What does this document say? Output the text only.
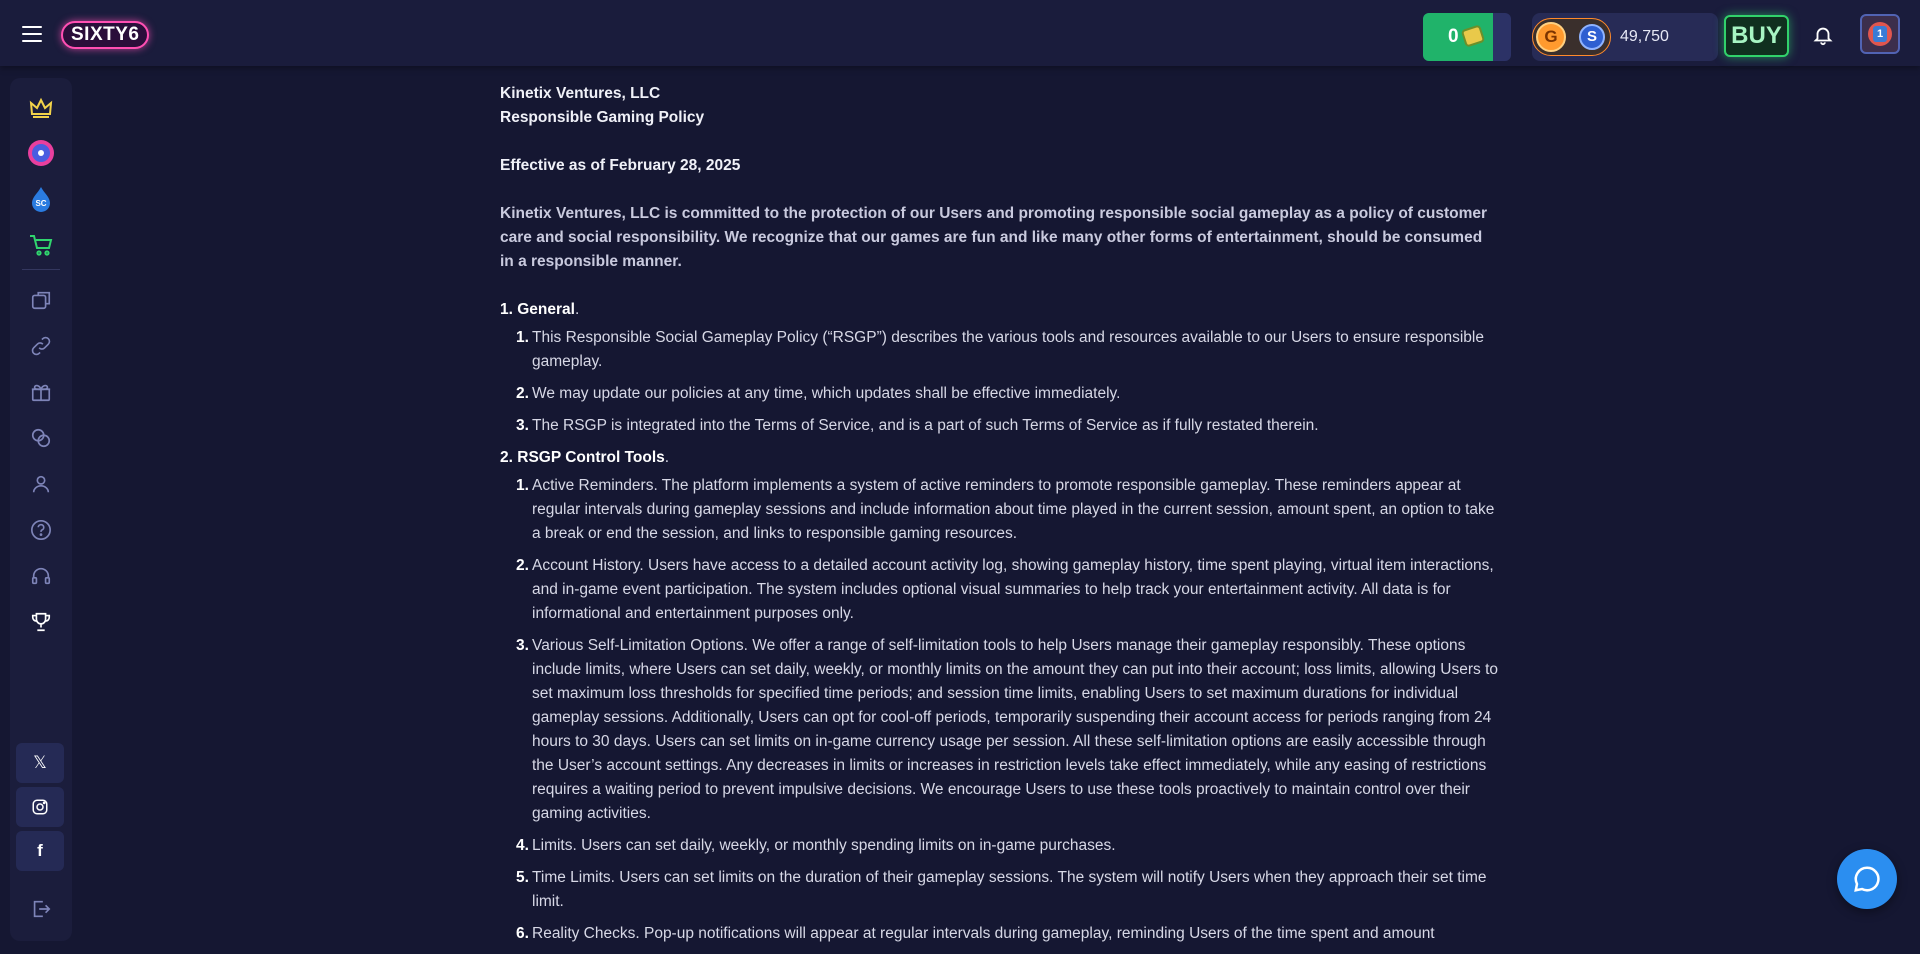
SIXTY6	0	G	S	49,750	BUY	1
SC
𝕏
f

Kinetix Ventures, LLC

Responsible Gaming Policy

Effective as of February 28, 2025

Kinetix Ventures, LLC is committed to the protection of our Users and promoting responsible social gameplay as a policy of customer care and social responsibility. We recognize that our games are fun and like many other forms of entertainment, should be consumed in a responsible manner.

1. General.
1. This Responsible Social Gameplay Policy (“RSGP”) describes the various tools and resources available to our Users to ensure responsible gameplay.
2. We may update our policies at any time, which updates shall be effective immediately.
3. The RSGP is integrated into the Terms of Service, and is a part of such Terms of Service as if fully restated therein.
2. RSGP Control Tools.
1. Active Reminders. The platform implements a system of active reminders to promote responsible gameplay. These reminders appear at regular intervals during gameplay sessions and include information about time played in the current session, amount spent, an option to take a break or end the session, and links to responsible gaming resources.
2. Account History. Users have access to a detailed account activity log, showing gameplay history, time spent playing, virtual item interactions, and in-game event participation. The system includes optional visual summaries to help track your entertainment activity. All data is for informational and entertainment purposes only.
3. Various Self-Limitation Options. We offer a range of self-limitation tools to help Users manage their gameplay responsibly. These options include limits, where Users can set daily, weekly, or monthly limits on the amount they can put into their account; loss limits, allowing Users to set maximum loss thresholds for specified time periods; and session time limits, enabling Users to set maximum durations for individual gameplay sessions. Additionally, Users can opt for cool-off periods, temporarily suspending their account access for periods ranging from 24 hours to 30 days. Users can set limits on in-game currency usage per session. All these self-limitation options are easily accessible through the User’s account settings. Any decreases in limits or increases in restriction levels take effect immediately, while any easing of restrictions requires a waiting period to prevent impulsive decisions. We encourage Users to use these tools proactively to maintain control over their gaming activities.
4. Limits. Users can set daily, weekly, or monthly spending limits on in-game purchases.
5. Time Limits. Users can set limits on the duration of their gameplay sessions. The system will notify Users when they approach their set time limit.
6. Reality Checks. Pop-up notifications will appear at regular intervals during gameplay, reminding Users of the time spent and amount
